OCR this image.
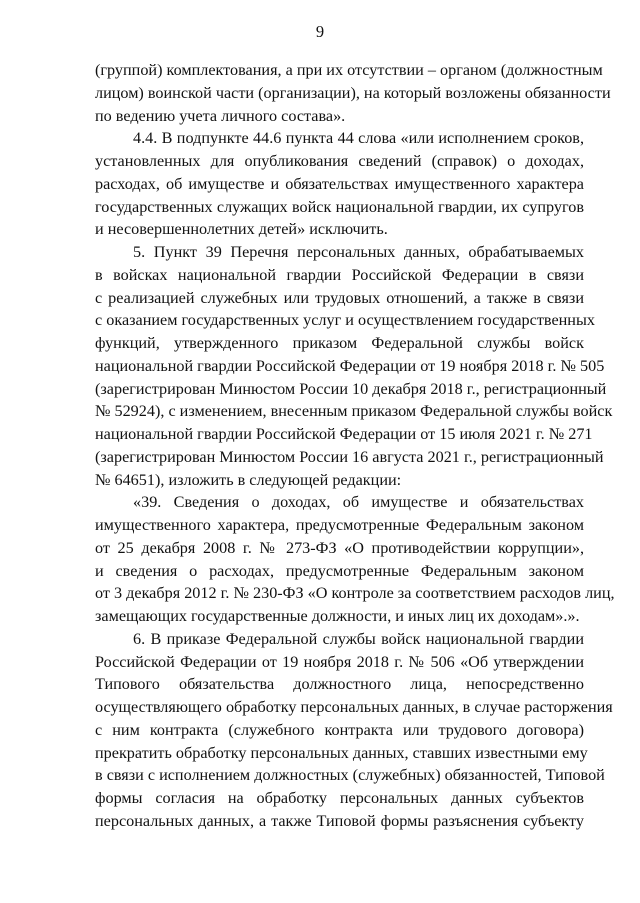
9
(группой) комплектования, а при их отсутствии – органом (должностным
лицом) воинской части (организации), на который возложены обязанности
по ведению учета личного состава».
4.4. В подпункте 44.6 пункта 44 слова «или исполнением сроков,
установленных для опубликования сведений (справок) о доходах,
расходах, об имуществе и обязательствах имущественного характера
государственных служащих войск национальной гвардии, их супругов
и несовершеннолетних детей» исключить.
5. Пункт 39 Перечня персональных данных, обрабатываемых
в войсках национальной гвардии Российской Федерации в связи
с реализацией служебных или трудовых отношений, а также в связи
с оказанием государственных услуг и осуществлением государственных
функций, утвержденного приказом Федеральной службы войск
национальной гвардии Российской Федерации от 19 ноября 2018 г. № 505
(зарегистрирован Минюстом России 10 декабря 2018 г., регистрационный
№ 52924), с изменением, внесенным приказом Федеральной службы войск
национальной гвардии Российской Федерации от 15 июля 2021 г. № 271
(зарегистрирован Минюстом России 16 августа 2021 г., регистрационный
№ 64651), изложить в следующей редакции:
«39. Сведения о доходах, об имуществе и обязательствах
имущественного характера, предусмотренные Федеральным законом
от 25 декабря 2008 г. № 273-ФЗ «О противодействии коррупции»,
и сведения о расходах, предусмотренные Федеральным законом
от 3 декабря 2012 г. № 230-ФЗ «О контроле за соответствием расходов лиц,
замещающих государственные должности, и иных лиц их доходам».».
6. В приказе Федеральной службы войск национальной гвардии
Российской Федерации от 19 ноября 2018 г. № 506 «Об утверждении
Типового обязательства должностного лица, непосредственно
осуществляющего обработку персональных данных, в случае расторжения
с ним контракта (служебного контракта или трудового договора)
прекратить обработку персональных данных, ставших известными ему
в связи с исполнением должностных (служебных) обязанностей, Типовой
формы согласия на обработку персональных данных субъектов
персональных данных, а также Типовой формы разъяснения субъекту
